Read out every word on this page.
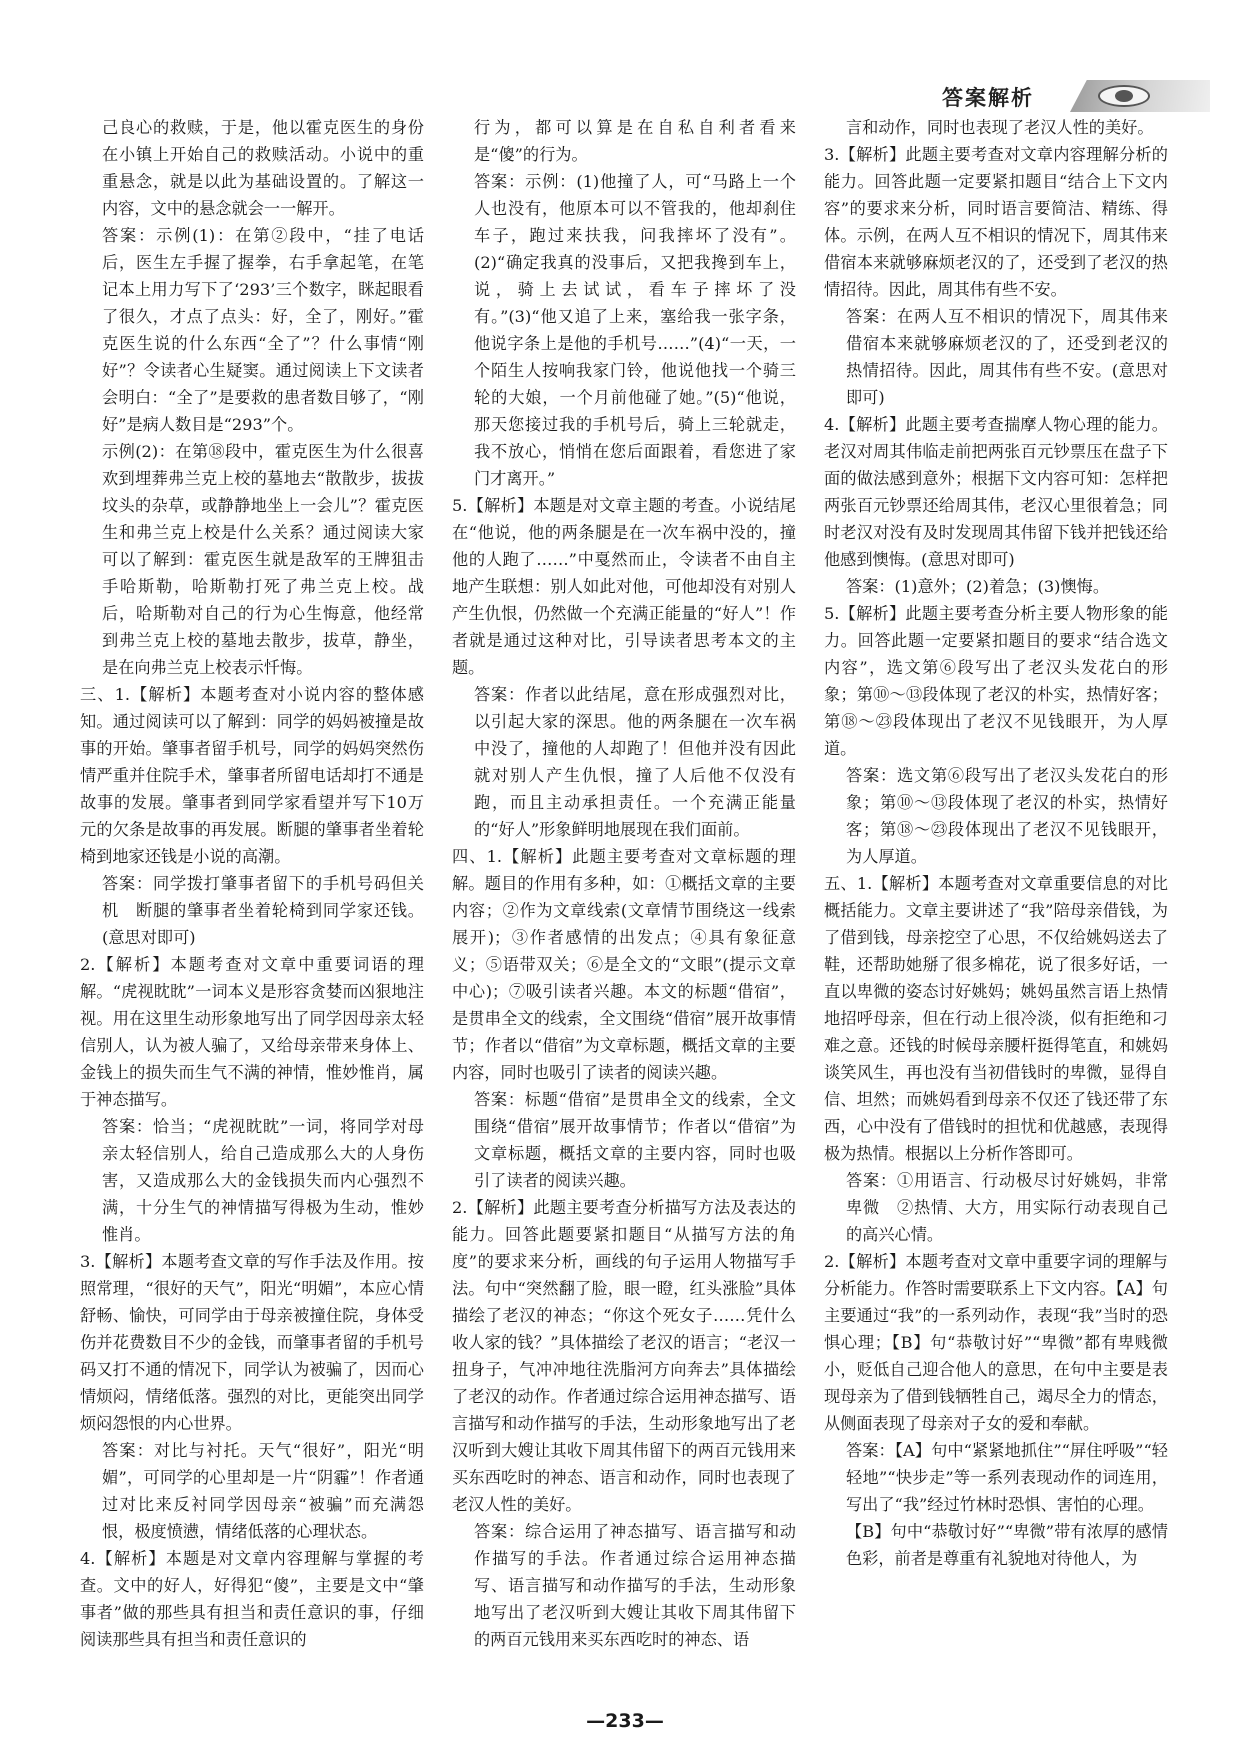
答案解析

己良心的救赎，于是，他以霍克医生的身份在小镇上开始自己的救赎活动。小说中的重重悬念，就是以此为基础设置的。了解这一内容，文中的悬念就会一一解开。

答案：示例(1)：在第②段中，“挂了电话后，医生左手握了握拳，右手拿起笔，在笔记本上用力写下了‘293’三个数字，眯起眼看了很久，才点了点头：好，全了，刚好。”霍克医生说的什么东西“全了”？什么事情“刚好”？令读者心生疑窦。通过阅读上下文读者会明白：“全了”是要救的患者数目够了，“刚好”是病人数目是“293”个。

示例(2)：在第⑱段中，霍克医生为什么很喜欢到埋葬弗兰克上校的墓地去“散散步，拔拔坟头的杂草，或静静地坐上一会儿”？霍克医生和弗兰克上校是什么关系？通过阅读大家可以了解到：霍克医生就是敌军的王牌狙击手哈斯勒，哈斯勒打死了弗兰克上校。战后，哈斯勒对自己的行为心生悔意，他经常到弗兰克上校的墓地去散步，拔草，静坐，是在向弗兰克上校表示忏悔。

三、1.【解析】本题考查对小说内容的整体感知。通过阅读可以了解到：同学的妈妈被撞是故事的开始。肇事者留手机号，同学的妈妈突然伤情严重并住院手术，肇事者所留电话却打不通是故事的发展。肇事者到同学家看望并写下10万元的欠条是故事的再发展。断腿的肇事者坐着轮椅到地家还钱是小说的高潮。

答案：同学拨打肇事者留下的手机号码但关机　断腿的肇事者坐着轮椅到同学家还钱。(意思对即可)

2.【解析】本题考查对文章中重要词语的理解。“虎视眈眈”一词本义是形容贪婪而凶狠地注视。用在这里生动形象地写出了同学因母亲太轻信别人，认为被人骗了，又给母亲带来身体上、金钱上的损失而生气不满的神情，惟妙惟肖，属于神态描写。

答案：恰当；“虎视眈眈”一词，将同学对母亲太轻信别人，给自己造成那么大的人身伤害，又造成那么大的金钱损失而内心强烈不满，十分生气的神情描写得极为生动，惟妙惟肖。

3.【解析】本题考查文章的写作手法及作用。按照常理，“很好的天气”，阳光“明媚”，本应心情舒畅、愉快，可同学由于母亲被撞住院，身体受伤并花费数目不少的金钱，而肇事者留的手机号码又打不通的情况下，同学认为被骗了，因而心情烦闷，情绪低落。强烈的对比，更能突出同学烦闷怨恨的内心世界。

答案：对比与衬托。天气“很好”，阳光“明媚”，可同学的心里却是一片“阴霾”！作者通过对比来反衬同学因母亲“被骗”而充满怨恨，极度愤懑，情绪低落的心理状态。

4.【解析】本题是对文章内容理解与掌握的考查。文中的好人，好得犯“傻”，主要是文中“肇事者”做的那些具有担当和责任意识的事，仔细阅读那些具有担当和责任意识的

行为，都可以算是在自私自利者看来是“傻”的行为。

答案：示例：(1)他撞了人，可“马路上一个人也没有，他原本可以不管我的，他却刹住车子，跑过来扶我，问我摔坏了没有”。(2)“确定我真的没事后，又把我搀到车上，说，骑上去试试，看车子摔坏了没有。”(3)“他又追了上来，塞给我一张字条，他说字条上是他的手机号……”(4)“一天，一个陌生人按响我家门铃，他说他找一个骑三轮的大娘，一个月前他碰了她。”(5)“他说，那天您接过我的手机号后，骑上三轮就走，我不放心，悄悄在您后面跟着，看您进了家门才离开。”

5.【解析】本题是对文章主题的考查。小说结尾在“他说，他的两条腿是在一次车祸中没的，撞他的人跑了……”中戛然而止，令读者不由自主地产生联想：别人如此对他，可他却没有对别人产生仇恨，仍然做一个充满正能量的“好人”！作者就是通过这种对比，引导读者思考本文的主题。

答案：作者以此结尾，意在形成强烈对比，以引起大家的深思。他的两条腿在一次车祸中没了，撞他的人却跑了！但他并没有因此就对别人产生仇恨，撞了人后他不仅没有跑，而且主动承担责任。一个充满正能量的“好人”形象鲜明地展现在我们面前。

四、1.【解析】此题主要考查对文章标题的理解。题目的作用有多种，如：①概括文章的主要内容；②作为文章线索(文章情节围绕这一线索展开)；③作者感情的出发点；④具有象征意义；⑤语带双关；⑥是全文的“文眼”(提示文章中心)；⑦吸引读者兴趣。本文的标题“借宿”，是贯串全文的线索，全文围绕“借宿”展开故事情节；作者以“借宿”为文章标题，概括文章的主要内容，同时也吸引了读者的阅读兴趣。

答案：标题“借宿”是贯串全文的线索，全文围绕“借宿”展开故事情节；作者以“借宿”为文章标题，概括文章的主要内容，同时也吸引了读者的阅读兴趣。

2.【解析】此题主要考查分析描写方法及表达的能力。回答此题要紧扣题目“从描写方法的角度”的要求来分析，画线的句子运用人物描写手法。句中“突然翻了脸，眼一瞪，红头涨脸”具体描绘了老汉的神态；“你这个死女子……凭什么收人家的钱？”具体描绘了老汉的语言；“老汉一扭身子，气冲冲地往洗脂河方向奔去”具体描绘了老汉的动作。作者通过综合运用神态描写、语言描写和动作描写的手法，生动形象地写出了老汉听到大嫂让其收下周其伟留下的两百元钱用来买东西吃时的神态、语言和动作，同时也表现了老汉人性的美好。

答案：综合运用了神态描写、语言描写和动作描写的手法。作者通过综合运用神态描写、语言描写和动作描写的手法，生动形象地写出了老汉听到大嫂让其收下周其伟留下的两百元钱用来买东西吃时的神态、语

言和动作，同时也表现了老汉人性的美好。

3.【解析】此题主要考查对文章内容理解分析的能力。回答此题一定要紧扣题目“结合上下文内容”的要求来分析，同时语言要简洁、精练、得体。示例，在两人互不相识的情况下，周其伟来借宿本来就够麻烦老汉的了，还受到了老汉的热情招待。因此，周其伟有些不安。

答案：在两人互不相识的情况下，周其伟来借宿本来就够麻烦老汉的了，还受到老汉的热情招待。因此，周其伟有些不安。(意思对即可)

4.【解析】此题主要考查揣摩人物心理的能力。老汉对周其伟临走前把两张百元钞票压在盘子下面的做法感到意外；根据下文内容可知：怎样把两张百元钞票还给周其伟，老汉心里很着急；同时老汉对没有及时发现周其伟留下钱并把钱还给他感到懊悔。(意思对即可)

答案：(1)意外；(2)着急；(3)懊悔。

5.【解析】此题主要考查分析主要人物形象的能力。回答此题一定要紧扣题目的要求“结合选文内容”，选文第⑥段写出了老汉头发花白的形象；第⑩～⑬段体现了老汉的朴实，热情好客；第⑱～㉓段体现出了老汉不见钱眼开，为人厚道。

答案：选文第⑥段写出了老汉头发花白的形象；第⑩～⑬段体现了老汉的朴实，热情好客；第⑱～㉓段体现出了老汉不见钱眼开，为人厚道。

五、1.【解析】本题考查对文章重要信息的对比概括能力。文章主要讲述了“我”陪母亲借钱，为了借到钱，母亲挖空了心思，不仅给姚妈送去了鞋，还帮助她掰了很多棉花，说了很多好话，一直以卑微的姿态讨好姚妈；姚妈虽然言语上热情地招呼母亲，但在行动上很冷淡，似有拒绝和刁难之意。还钱的时候母亲腰杆挺得笔直，和姚妈谈笑风生，再也没有当初借钱时的卑微，显得自信、坦然；而姚妈看到母亲不仅还了钱还带了东西，心中没有了借钱时的担忧和优越感，表现得极为热情。根据以上分析作答即可。

答案：①用语言、行动极尽讨好姚妈，非常卑微　②热情、大方，用实际行动表现自己的高兴心情。

2.【解析】本题考查对文章中重要字词的理解与分析能力。作答时需要联系上下文内容。【A】句主要通过“我”的一系列动作，表现“我”当时的恐惧心理；【B】句“恭敬讨好”“卑微”都有卑贱微小，贬低自己迎合他人的意思，在句中主要是表现母亲为了借到钱牺牲自己，竭尽全力的情态，从侧面表现了母亲对子女的爱和奉献。

答案：【A】句中“紧紧地抓住”“屏住呼吸”“轻轻地”“快步走”等一系列表现动作的词连用，写出了“我”经过竹林时恐惧、害怕的心理。

【B】句中“恭敬讨好”“卑微”带有浓厚的感情色彩，前者是尊重有礼貌地对待他人，为

—233—
